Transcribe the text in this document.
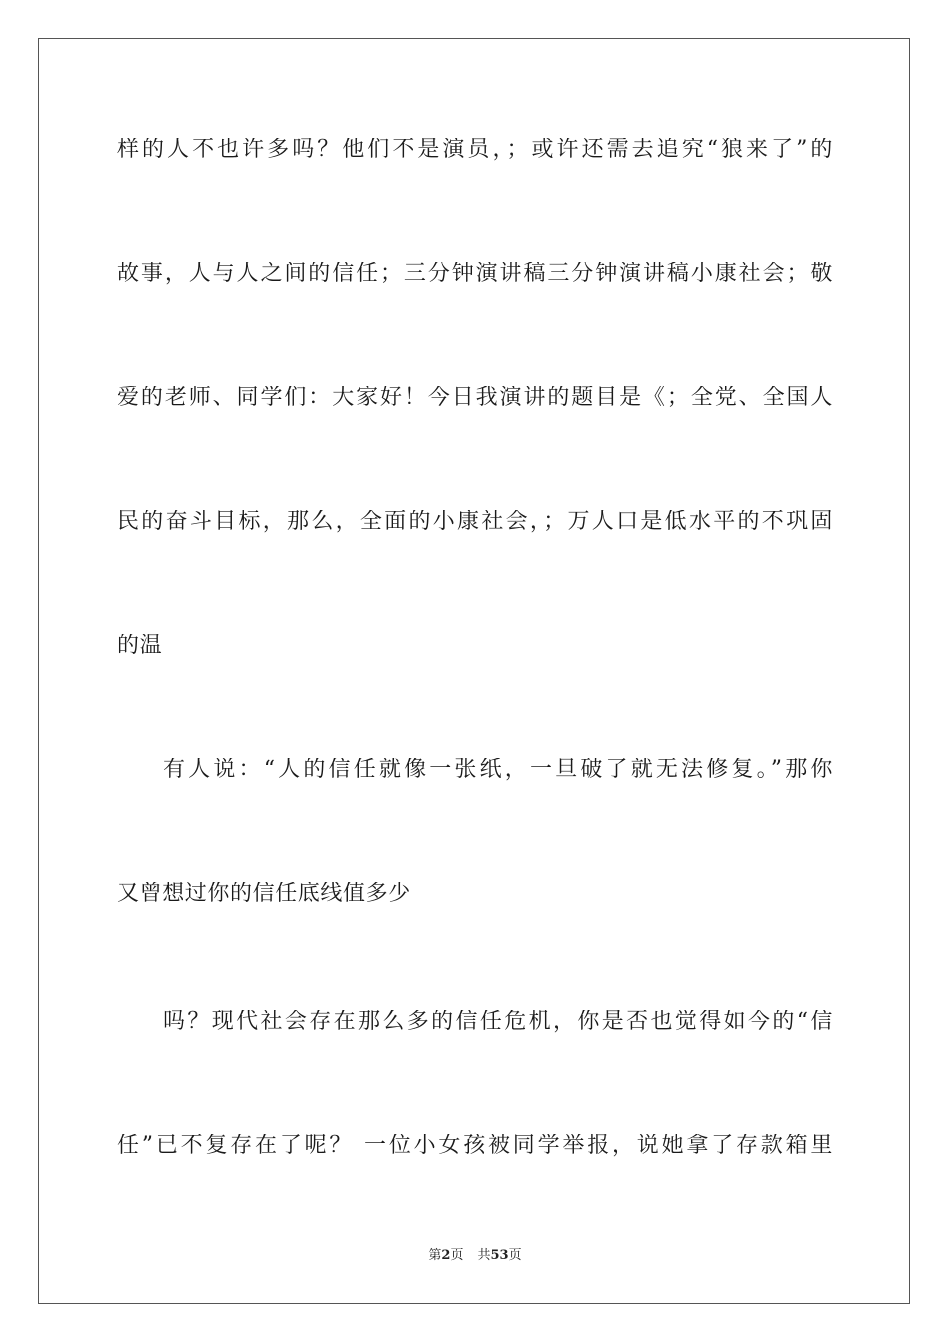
样的人不也许多吗？他们不是演员，；或许还需去追究“狼来了”的
故事，人与人之间的信任；三分钟演讲稿三分钟演讲稿小康社会；敬
爱的老师、同学们：大家好！今日我演讲的题目是《；全党、全国人
民的奋斗目标，那么，全面的小康社会，；万人口是低水平的不巩固
的温
有人说：“人的信任就像一张纸，一旦破了就无法修复。”那你
又曾想过你的信任底线值多少
吗？现代社会存在那么多的信任危机，你是否也觉得如今的“信
任”已不复存在了呢？ 一位小女孩被同学举报，说她拿了存款箱里
第2页 共53页
